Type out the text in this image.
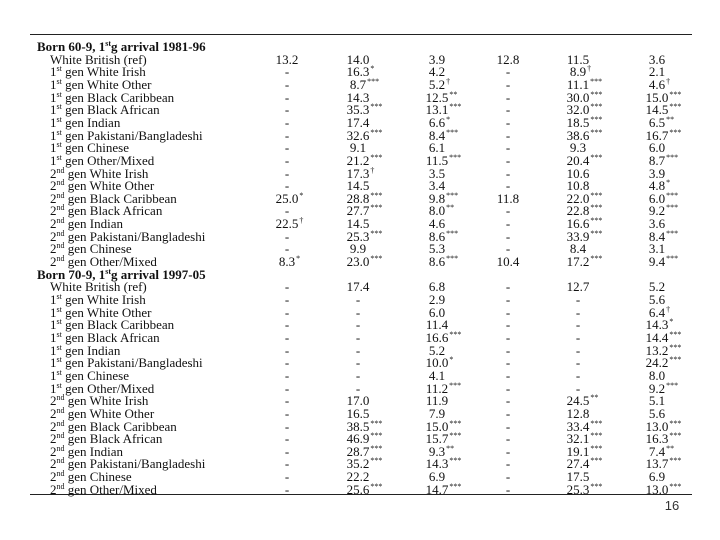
Born 60-9, 1stg arrival 1981-96
White British (ref)	13.2	14.0	3.9	12.8	11.5	3.6
1st gen White Irish	-	16.3*	4.2	-	8.9†	2.1
1st gen White Other	-	8.7***	5.2†	-	11.1***	4.6†
1st gen Black Caribbean	-	14.3	12.5**	-	30.0***	15.0***
1st gen Black African	-	35.3***	13.1***	-	32.0***	14.5***
1st gen Indian	-	17.4	6.6*	-	18.5***	6.5**
1st gen Pakistani/Bangladeshi	-	32.6***	8.4***	-	38.6***	16.7***
1st gen Chinese	-	9.1	6.1	-	9.3	6.0
1st gen Other/Mixed	-	21.2***	11.5***	-	20.4***	8.7***
2nd gen White Irish	-	17.3†	3.5	-	10.6	3.9
2nd gen White Other	-	14.5	3.4	-	10.8	4.8*
2nd gen Black Caribbean	25.0*	28.8***	9.8***	11.8	22.0***	6.0***
2nd gen Black African	-	27.7***	8.0**	-	22.8***	9.2***
2nd gen Indian	22.5†	14.5	4.6	-	16.6***	3.6
2nd gen Pakistani/Bangladeshi	-	25.3***	8.6***	-	33.9***	8.4***
2nd gen Chinese	-	9.9	5.3	-	8.4	3.1
2nd gen Other/Mixed	8.3*	23.0***	8.6***	10.4	17.2***	9.4***
Born 70-9, 1stg arrival 1997-05
White British (ref)	-	17.4	6.8	-	12.7	5.2
1st gen White Irish	-	-	2.9	-	-	5.6
1st gen White Other	-	-	6.0	-	-	6.4†
1st gen Black Caribbean	-	-	11.4	-	-	14.3*
1st gen Black African	-	-	16.6***	-	-	14.4***
1st gen Indian	-	-	5.2	-	-	13.2***
1st gen Pakistani/Bangladeshi	-	-	10.0*	-	-	24.2***
1st gen Chinese	-	-	4.1	-	-	8.0
1st gen Other/Mixed	-	-	11.2***	-	-	9.2***
2nd gen White Irish	-	17.0	11.9	-	24.5**	5.1
2nd gen White Other	-	16.5	7.9	-	12.8	5.6
2nd gen Black Caribbean	-	38.5***	15.0***	-	33.4***	13.0***
2nd gen Black African	-	46.9***	15.7***	-	32.1***	16.3***
2nd gen Indian	-	28.7***	9.3**	-	19.1***	7.4**
2nd gen Pakistani/Bangladeshi	-	35.2***	14.3***	-	27.4***	13.7***
2nd gen Chinese	-	22.2	6.9	-	17.5	6.9
2nd gen Other/Mixed	-	25.6***	14.7***	-	25.3***	13.0***
16
